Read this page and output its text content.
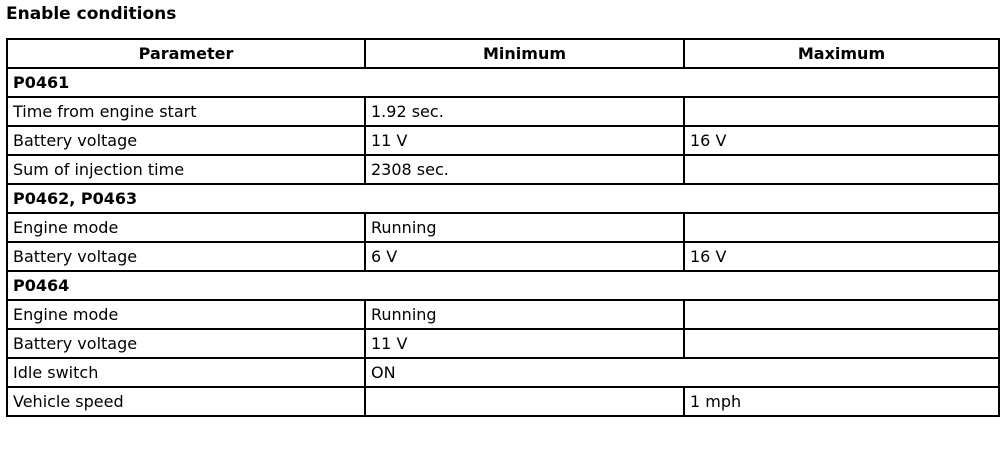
Enable conditions
Parameter	Minimum	Maximum
P0461		
Time from engine start	1.92 sec.	
Battery voltage	11 V	16 V
Sum of injection time	2308 sec.	
P0462, P0463		
Engine mode	Running	
Battery voltage	6 V	16 V
P0464		
Engine mode	Running	
Battery voltage	11 V	
Idle switch	ON	
Vehicle speed		1 mph
